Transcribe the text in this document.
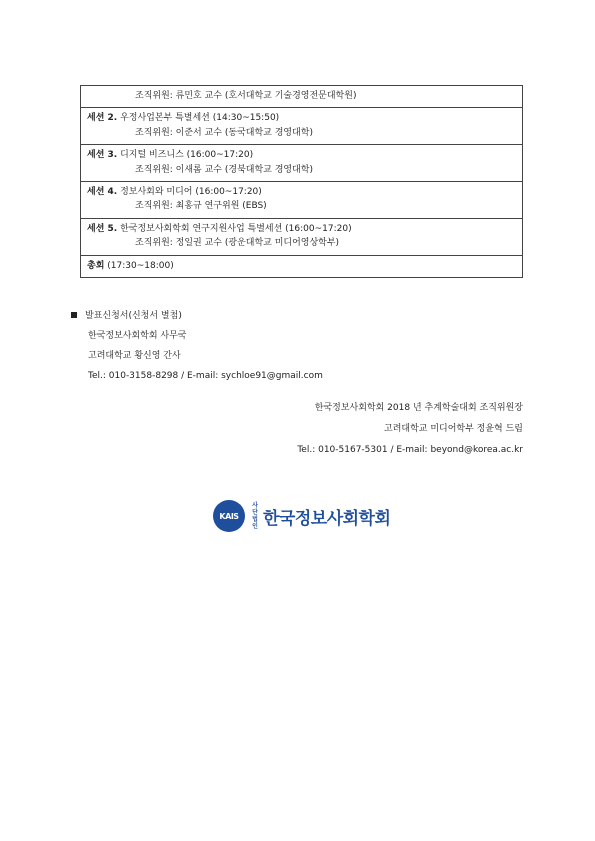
조직위원: 류민호 교수 (호서대학교 기술경영전문대학원)

세션 2. 우정사업본부 특별세션 (14:30~15:50)
조직위원: 이준서 교수 (동국대학교 경영대학)

세션 3. 디지털 비즈니스 (16:00~17:20)
조직위원: 이새롬 교수 (경북대학교 경영대학)

세션 4. 정보사회와 미디어 (16:00~17:20)
조직위원: 최홍규 연구위원 (EBS)

세션 5. 한국정보사회학회 연구지원사업 특별세션 (16:00~17:20)
조직위원: 정일권 교수 (광운대학교 미디어영상학부)

총회 (17:30~18:00)
발표신청서(신청서 별첨)
한국정보사회학회 사무국
고려대학교 황신영 간사
Tel.: 010-3158-8298 / E-mail: sychloe91@gmail.com
한국정보사회학회 2018 년 추계학술대회 조직위원장
고려대학교 미디어학부 정윤혁 드림
Tel.: 010-5167-5301 / E-mail: beyond@korea.ac.kr
KAIS
사단법인 한국정보사회학회
